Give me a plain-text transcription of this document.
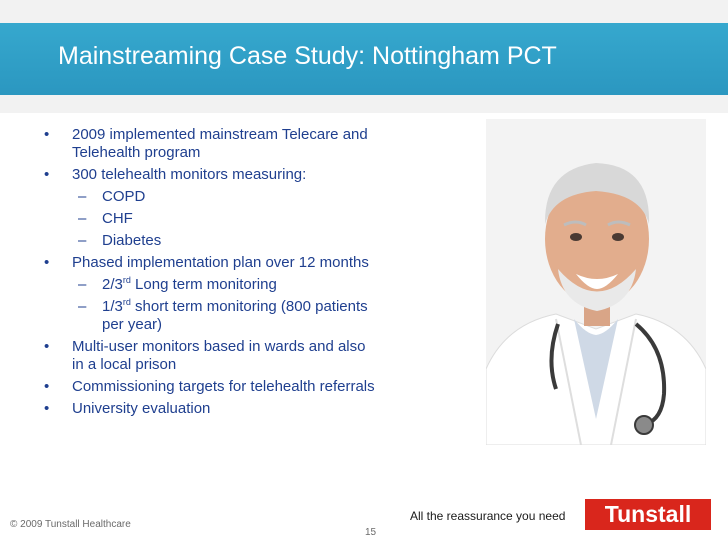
Mainstreaming Case Study: Nottingham PCT
• 2009 implemented mainstream Telecare and
Telehealth program
• 300 telehealth monitors measuring:
– COPD
– CHF
– Diabetes
• Phased implementation plan over 12 months
– 2/3rd Long term monitoring
– 1/3rd short term monitoring (800 patients
per year)
• Multi-user monitors based in wards and also
in a local prison
• Commissioning targets for telehealth referrals
• University evaluation
© 2009 Tunstall Healthcare
15
All the reassurance you need	Tunstall
